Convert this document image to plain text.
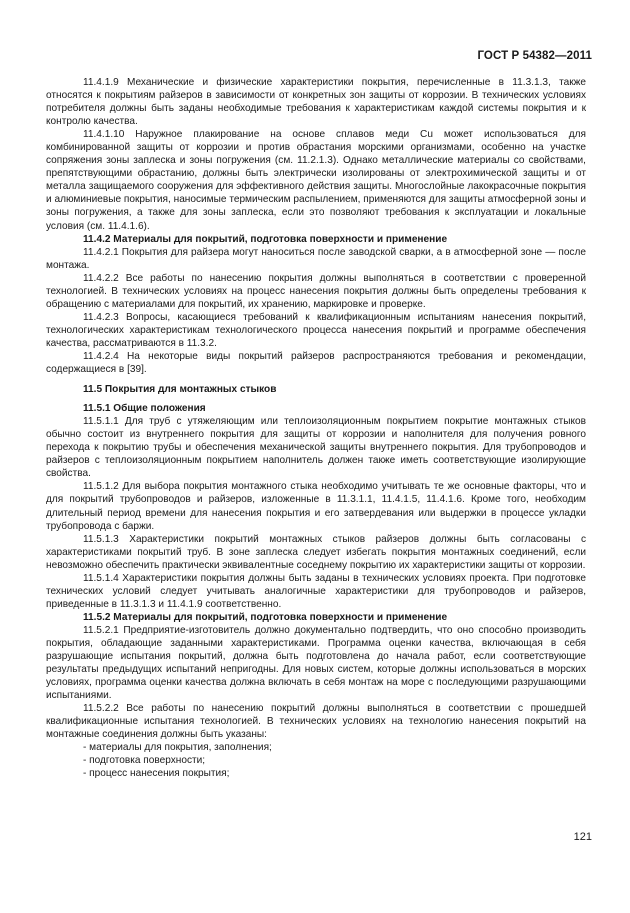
ГОСТ Р 54382—2011

11.4.1.9 Механические и физические характеристики покрытия, перечисленные в 11.3.1.3, также относятся к покрытиям райзеров в зависимости от конкретных зон защиты от коррозии. В технических условиях потребителя должны быть заданы необходимые требования к характеристикам каждой системы покрытия и к контролю качества.

11.4.1.10 Наружное плакирование на основе сплавов меди Cu может использоваться для комбинированной защиты от коррозии и против обрастания морскими организмами, особенно на участке сопряжения зоны заплеска и зоны погружения (см. 11.2.1.3). Однако металлические материалы со свойствами, препятствующими обрастанию, должны быть электрически изолированы от электрохимической защиты и от металла защищаемого сооружения для эффективного действия защиты. Многослойные лакокрасочные покрытия и алюминиевые покрытия, наносимые термическим распылением, применяются для защиты атмосферной зоны и зоны погружения, а также для зоны заплеска, если это позволяют требования к эксплуатации и локальные условия (см. 11.4.1.6).

11.4.2 Материалы для покрытий, подготовка поверхности и применение

11.4.2.1 Покрытия для райзера могут наноситься после заводской сварки, а в атмосферной зоне — после монтажа.

11.4.2.2 Все работы по нанесению покрытия должны выполняться в соответствии с проверенной технологией. В технических условиях на процесс нанесения покрытия должны быть определены требования к обращению с материалами для покрытий, их хранению, маркировке и проверке.

11.4.2.3 Вопросы, касающиеся требований к квалификационным испытаниям нанесения покрытий, технологических характеристикам технологического процесса нанесения покрытий и программе обеспечения качества, рассматриваются в 11.3.2.

11.4.2.4 На некоторые виды покрытий райзеров распространяются требования и рекомендации, содержащиеся в [39].

11.5 Покрытия для монтажных стыков

11.5.1 Общие положения

11.5.1.1 Для труб с утяжеляющим или теплоизоляционным покрытием покрытие монтажных стыков обычно состоит из внутреннего покрытия для защиты от коррозии и наполнителя для получения ровного перехода к покрытию трубы и обеспечения механической защиты внутреннего покрытия. Для трубопроводов и райзеров с теплоизоляционным покрытием наполнитель должен также иметь соответствующие изолирующие свойства.

11.5.1.2 Для выбора покрытия монтажного стыка необходимо учитывать те же основные факторы, что и для покрытий трубопроводов и райзеров, изложенные в 11.3.1.1, 11.4.1.5, 11.4.1.6. Кроме того, необходим длительный период времени для нанесения покрытия и его затвердевания или выдержки в процессе укладки трубопровода с баржи.

11.5.1.3 Характеристики покрытий монтажных стыков райзеров должны быть согласованы с характеристиками покрытий труб. В зоне заплеска следует избегать покрытия монтажных соединений, если невозможно обеспечить практически эквивалентные соседнему покрытию их характеристики защиты от коррозии.

11.5.1.4 Характеристики покрытия должны быть заданы в технических условиях проекта. При подготовке технических условий следует учитывать аналогичные характеристики для трубопроводов и райзеров, приведенные в 11.3.1.3 и 11.4.1.9 соответственно.

11.5.2 Материалы для покрытий, подготовка поверхности и применение

11.5.2.1 Предприятие-изготовитель должно документально подтвердить, что оно способно производить покрытия, обладающие заданными характеристиками. Программа оценки качества, включающая в себя разрушающие испытания покрытий, должна быть подготовлена до начала работ, если соответствующие результаты предыдущих испытаний непригодны. Для новых систем, которые должны использоваться в морских условиях, программа оценки качества должна включать в себя монтаж на море с последующими разрушающими испытаниями.

11.5.2.2 Все работы по нанесению покрытий должны выполняться в соответствии с прошедшей квалификационные испытания технологией. В технических условиях на технологию нанесения покрытий на монтажные соединения должны быть указаны:

- материалы для покрытия, заполнения;

- подготовка поверхности;

- процесс нанесения покрытия;

121
